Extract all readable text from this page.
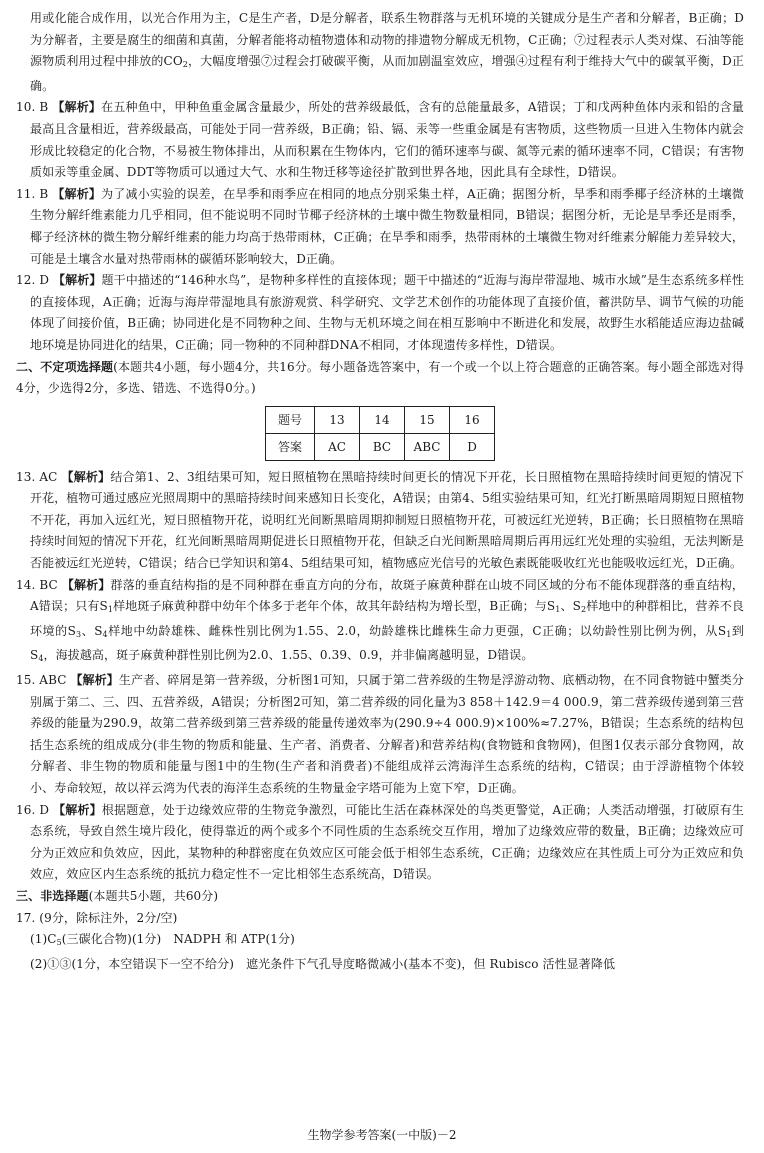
用或化能合成作用，以光合作用为主，C是生产者，D是分解者，联系生物群落与无机环境的关键成分是生产者和分解者，B正确；D为分解者，主要是腐生的细菌和真菌，分解者能将动植物遗体和动物的排遗物分解成无机物，C正确；⑦过程表示人类对煤、石油等能源物质利用过程中排放的$CO_2$，大幅度增强⑦过程会打破碳平衡，从而加剧温室效应，增强④过程有利于维持大气中的碳氧平衡，D正确。

10. B 【解析】在五种鱼中，甲种鱼重金属含量最少，所处的营养级最低，含有的总能量最多，A错误；丁和戊两种鱼体内汞和铅的含量最高且含量相近，营养级最高，可能处于同一营养级，B正确；铅、镉、汞等一些重金属是有害物质，这些物质一旦进入生物体内就会形成比较稳定的化合物，不易被生物体排出，从而积累在生物体内，它们的循环速率与碳、氮等元素的循环速率不同，C错误；有害物质如汞等重金属、DDT等物质可以通过大气、水和生物迁移等途径扩散到世界各地，因此具有全球性，D错误。

11. B 【解析】为了减小实验的误差，在旱季和雨季应在相同的地点分别采集土样，A正确；据图分析，旱季和雨季椰子经济林的土壤微生物分解纤维素能力几乎相同，但不能说明不同时节椰子经济林的土壤中微生物数量相同，B错误；据图分析，无论是旱季还是雨季，椰子经济林的微生物分解纤维素的能力均高于热带雨林，C正确；在旱季和雨季，热带雨林的土壤微生物对纤维素分解能力差异较大，可能是土壤含水量对热带雨林的碳循环影响较大，D正确。

12. D 【解析】题干中描述的“146种水鸟”，是物种多样性的直接体现；题干中描述的“近海与海岸带湿地、城市水域”是生态系统多样性的直接体现，A正确；近海与海岸带湿地具有旅游观赏、科学研究、文学艺术创作的功能体现了直接价值，蓄洪防旱、调节气候的功能体现了间接价值，B正确；协同进化是不同物种之间、生物与无机环境之间在相互影响中不断进化和发展，故野生水稻能适应海边盐碱地环境是协同进化的结果，C正确；同一物种的不同种群DNA不相同，才体现遗传多样性，D错误。

二、不定项选择题(本题共4小题，每小题4分，共16分。每小题备选答案中，有一个或一个以上符合题意的正确答案。每小题全部选对得4分，少选得2分，多选、错选、不选得0分。)

题号	13	14	15	16
答案	AC	BC	ABC	D

13. AC 【解析】结合第1、2、3组结果可知，短日照植物在黑暗持续时间更长的情况下开花，长日照植物在黑暗持续时间更短的情况下开花，植物可通过感应光照周期中的黑暗持续时间来感知日长变化，A错误；由第4、5组实验结果可知，红光打断黑暗周期短日照植物不开花，再加入远红光，短日照植物开花，说明红光间断黑暗周期抑制短日照植物开花，可被远红光逆转，B正确；长日照植物在黑暗持续时间短的情况下开花，红光间断黑暗周期促进长日照植物开花，但缺乏白光间断黑暗周期后再用远红光处理的实验组，无法判断是否能被远红光逆转，C错误；结合已学知识和第4、5组结果可知，植物感应光信号的光敏色素既能吸收红光也能吸收远红光，D正确。

14. BC 【解析】群落的垂直结构指的是不同种群在垂直方向的分布，故斑子麻黄种群在山坡不同区域的分布不能体现群落的垂直结构，A错误；只有$S_1$样地斑子麻黄种群中幼年个体多于老年个体，故其年龄结构为增长型，B正确；与$S_1$、$S_2$样地中的种群相比，营养不良环境的$S_3$、$S_4$样地中幼龄雄株、雌株性别比例为1.55、2.0，幼龄雄株比雌株生命力更强，C正确；以幼龄性别比例为例，从$S_1$到$S_4$，海拔越高，斑子麻黄种群性别比例为2.0、1.55、0.39、0.9，并非偏离越明显，D错误。

15. ABC 【解析】生产者、碎屑是第一营养级，分析图1可知，只属于第二营养级的生物是浮游动物、底栖动物，在不同食物链中蟹类分别属于第二、三、四、五营养级，A错误；分析图2可知，第二营养级的同化量为3 858＋142.9＝4 000.9，第二营养级传递到第三营养级的能量为290.9，故第二营养级到第三营养级的能量传递效率为(290.9÷4 000.9)×100%≈7.27%，B错误；生态系统的结构包括生态系统的组成成分(非生物的物质和能量、生产者、消费者、分解者)和营养结构(食物链和食物网)，但图1仅表示部分食物网，故分解者、非生物的物质和能量与图1中的生物(生产者和消费者)不能组成祥云湾海洋生态系统的结构，C错误；由于浮游植物个体较小、寿命较短，故以祥云湾为代表的海洋生态系统的生物量金字塔可能为上宽下窄，D正确。

16. D 【解析】根据题意，处于边缘效应带的生物竞争激烈，可能比生活在森林深处的鸟类更警觉，A正确；人类活动增强，打破原有生态系统，导致自然生境片段化，使得靠近的两个或多个不同性质的生态系统交互作用，增加了边缘效应带的数量，B正确；边缘效应可分为正效应和负效应，因此，某物种的种群密度在负效应区可能会低于相邻生态系统，C正确；边缘效应在其性质上可分为正效应和负效应，效应区内生态系统的抵抗力稳定性不一定比相邻生态系统高，D错误。

三、非选择题(本题共5小题，共60分)

17. (9分，除标注外，2分/空)

$(1)C_5$(三碳化合物)(1分)　NADPH 和 ATP(1分)

(2)①③(1分，本空错误下一空不给分)　遮光条件下气孔导度略微减小(基本不变)，但 Rubisco 活性显著降低

生物学参考答案(一中版)－2
